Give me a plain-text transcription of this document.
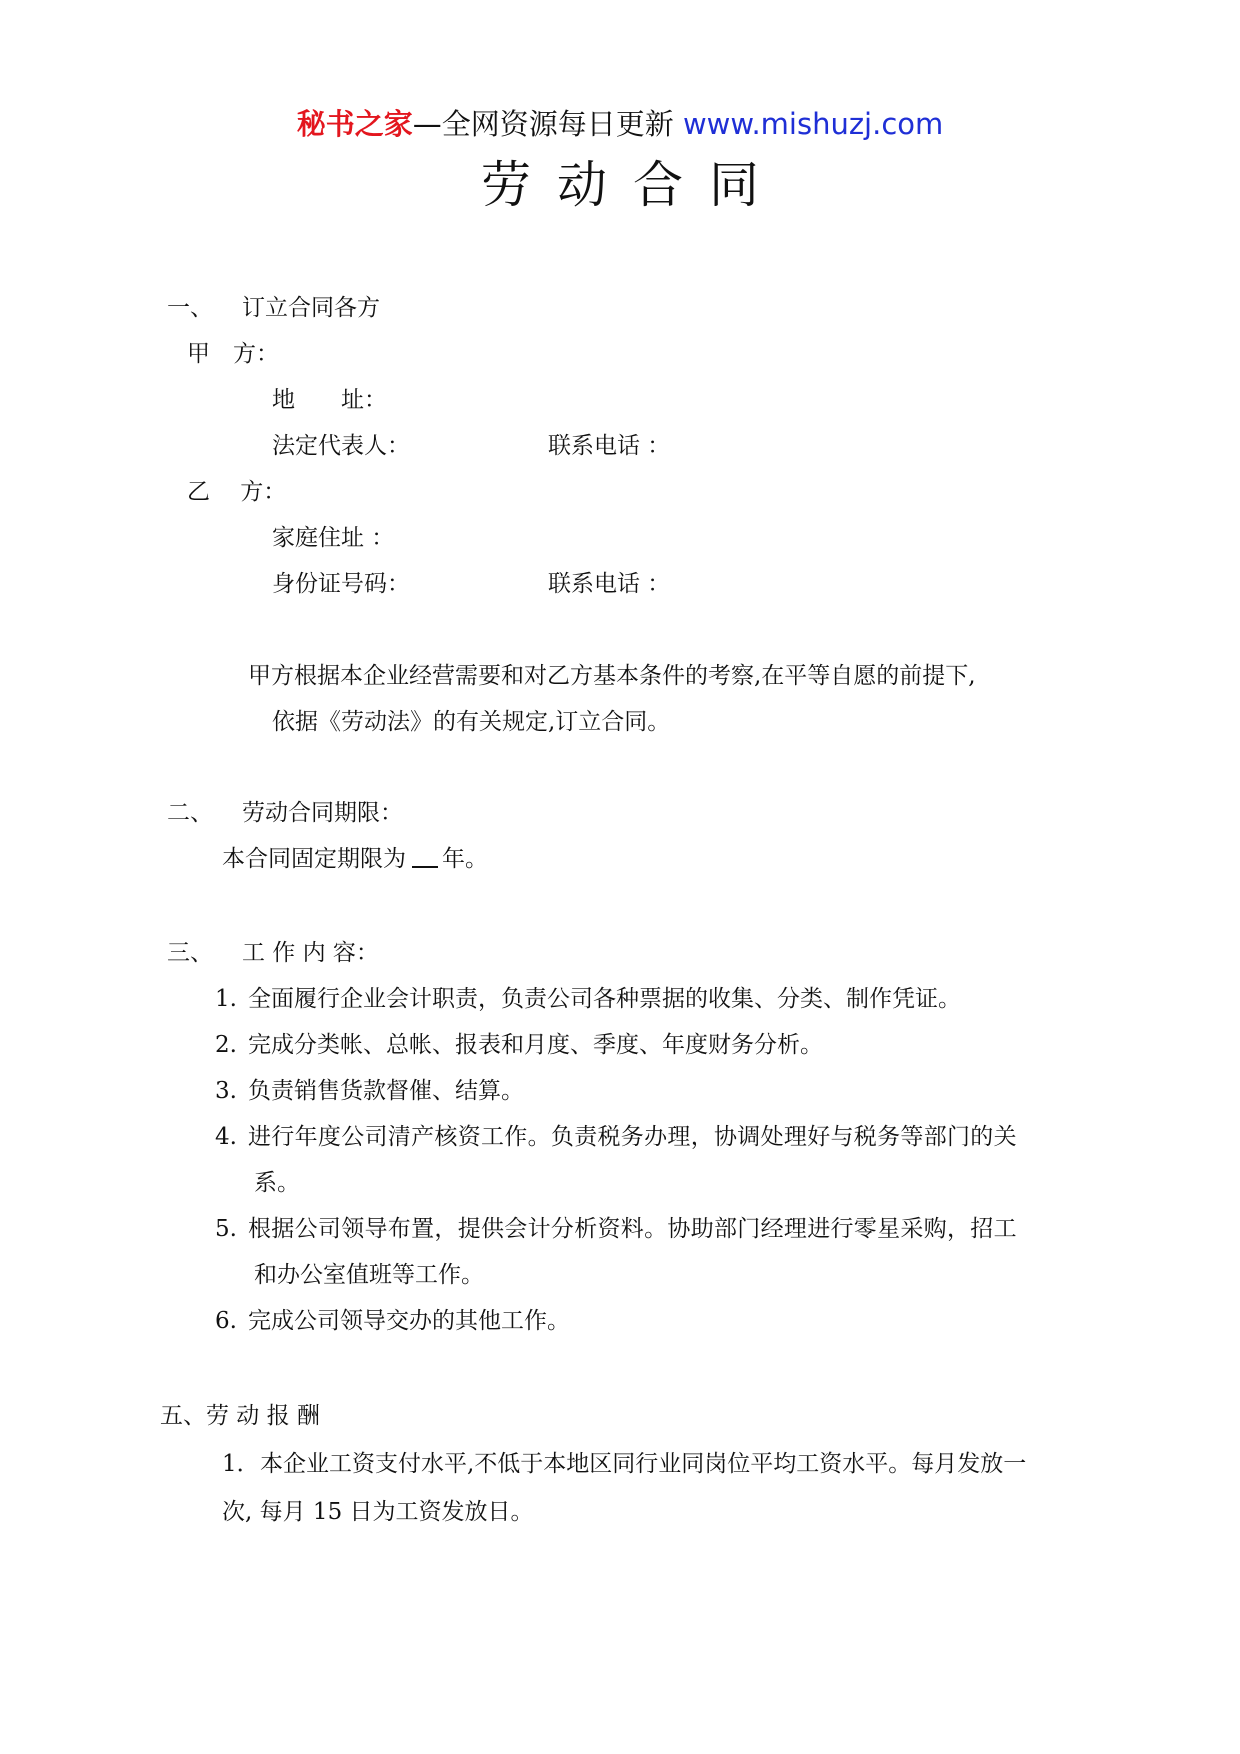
秘书之家—全网资源每日更新 www.mishuzj.com
劳动合同
一、 订立合同各方
甲　方：
地　　址：
法定代表人：	联系电话 ：
乙　 方：
家庭住址 ：
身份证号码：	联系电话 ：
甲方根据本企业经营需要和对乙方基本条件的考察,在平等自愿的前提下,
依据《劳动法》的有关规定,订立合同。
二、 劳动合同期限：
本合同固定期限为 年。
三、 工 作 内 容：
1. 全面履行企业会计职责，负责公司各种票据的收集、分类、制作凭证。
2. 完成分类帐、总帐、报表和月度、季度、年度财务分析。
3. 负责销售货款督催、结算。
4. 进行年度公司清产核资工作。负责税务办理，协调处理好与税务等部门的关
系。
5. 根据公司领导布置，提供会计分析资料。协助部门经理进行零星采购，招工
和办公室值班等工作。
6. 完成公司领导交办的其他工作。
五、劳 动 报 酬
1． 本企业工资支付水平,不低于本地区同行业同岗位平均工资水平。每月发放一
次, 每月 15 日为工资发放日。
